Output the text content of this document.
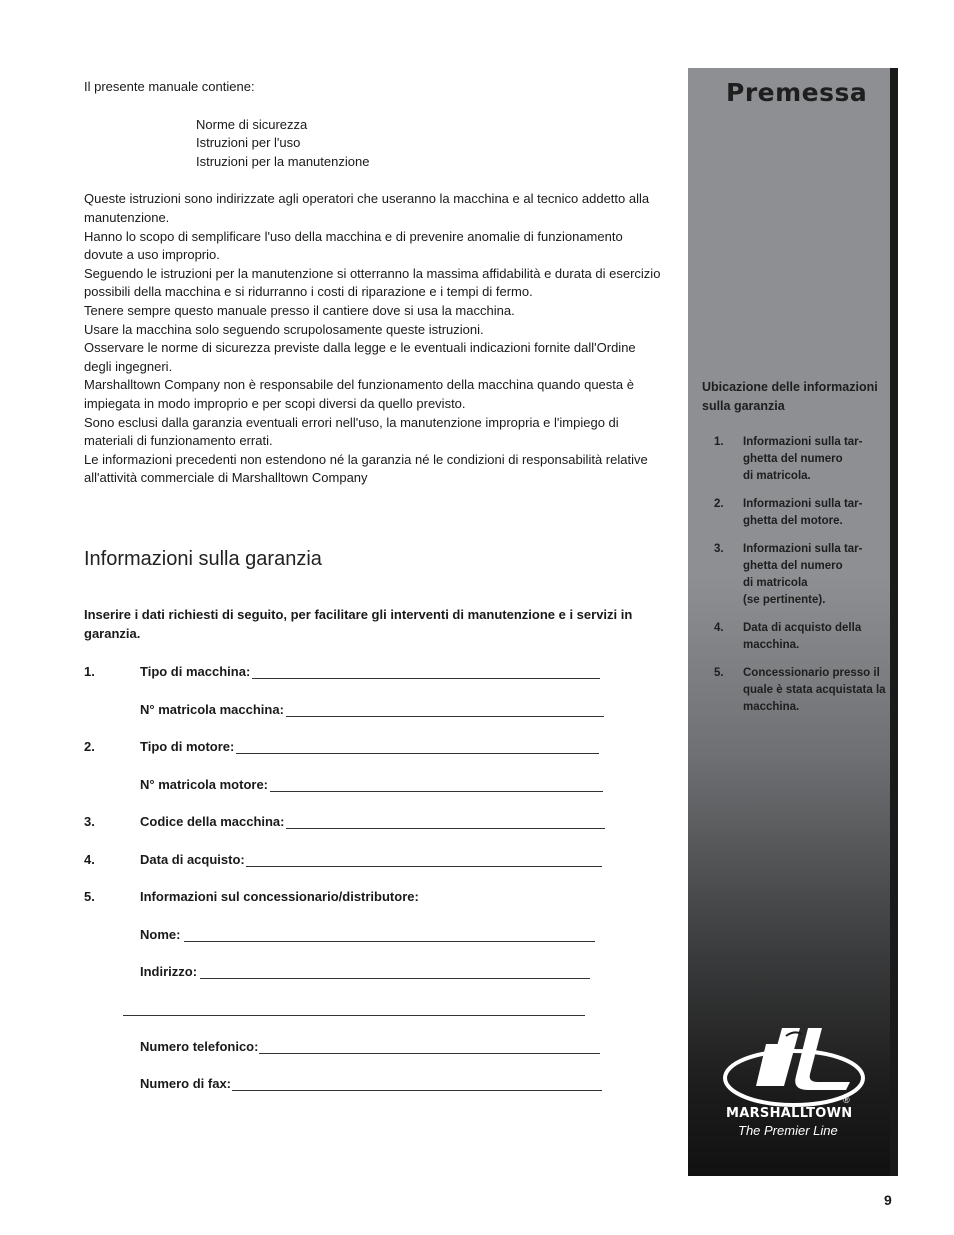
Il presente manuale contiene:

Norme di sicurezza
Istruzioni per l'uso
Istruzioni per la manutenzione

Queste istruzioni sono indirizzate agli operatori che useranno la macchina e al tecnico addetto alla manutenzione.

Hanno lo scopo di semplificare l'uso della macchina e di prevenire anomalie di funzionamento dovute a uso improprio.

Seguendo le istruzioni per la manutenzione si otterranno la massima affidabilità e durata di esercizio possibili della macchina e si ridurranno i costi di riparazione e i tempi di fermo.

Tenere sempre questo manuale presso il cantiere dove si usa la macchina.

Usare la macchina solo seguendo scrupolosamente queste istruzioni.

Osservare le norme di sicurezza previste dalla legge e le eventuali indicazioni fornite dall'Ordine degli ingegneri.

Marshalltown Company non è responsabile del funzionamento della macchina quando questa è impiegata in modo improprio e per scopi diversi da quello previsto.

Sono esclusi dalla garanzia eventuali errori nell'uso, la manutenzione impropria e l'impiego di materiali di funzionamento errati.

Le informazioni precedenti non estendono né la garanzia né le condizioni di responsabilità relative all'attività commerciale di Marshalltown Company

Informazioni sulla garanzia

Inserire i dati richiesti di seguito, per facilitare gli interventi di manutenzione e i servizi in garanzia.

1.	Tipo di macchina:
N° matricola macchina:
2.	Tipo di motore:
N° matricola motore:
3.	Codice della macchina:
4.	Data di acquisto:
5.	Informazioni sul concessionario/distributore:
Nome:
Indirizzo:
Numero telefonico:
Numero di fax:
Premessa

Ubicazione delle informazioni sulla garanzia

1. Informazioni sulla tar-
ghetta del numero
di matricola.
2. Informazioni sulla tar-
ghetta del motore.
3. Informazioni sulla tar-
ghetta del numero
di matricola
(se pertinente).
4. Data di acquisto della
macchina.
5. Concessionario presso il
quale è stata acquistata la
macchina.
®
MARSHALLTOWN
The Premier Line
9
